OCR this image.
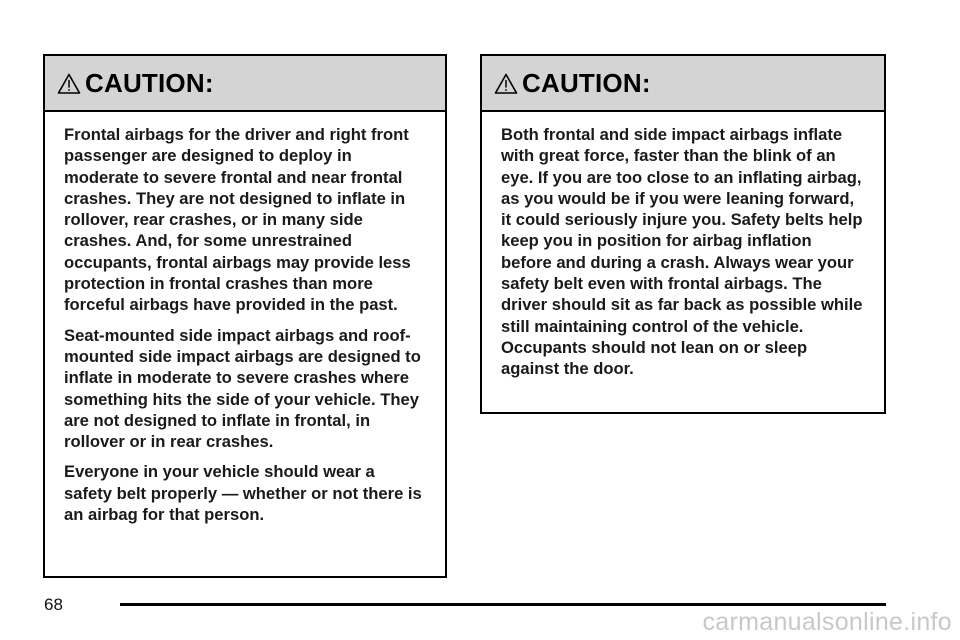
CAUTION:

Frontal airbags for the driver and right front passenger are designed to deploy in moderate to severe frontal and near frontal crashes. They are not designed to inflate in rollover, rear crashes, or in many side crashes. And, for some unrestrained occupants, frontal airbags may provide less protection in frontal crashes than more forceful airbags have provided in the past.

Seat-mounted side impact airbags and roof-mounted side impact airbags are designed to inflate in moderate to severe crashes where something hits the side of your vehicle. They are not designed to inflate in frontal, in rollover or in rear crashes.

Everyone in your vehicle should wear a safety belt properly — whether or not there is an airbag for that person.

CAUTION:

Both frontal and side impact airbags inflate with great force, faster than the blink of an eye. If you are too close to an inflating airbag, as you would be if you were leaning forward, it could seriously injure you. Safety belts help keep you in position for airbag inflation before and during a crash. Always wear your safety belt even with frontal airbags. The driver should sit as far back as possible while still maintaining control of the vehicle. Occupants should not lean on or sleep against the door.

68
carmanualsonline.info
